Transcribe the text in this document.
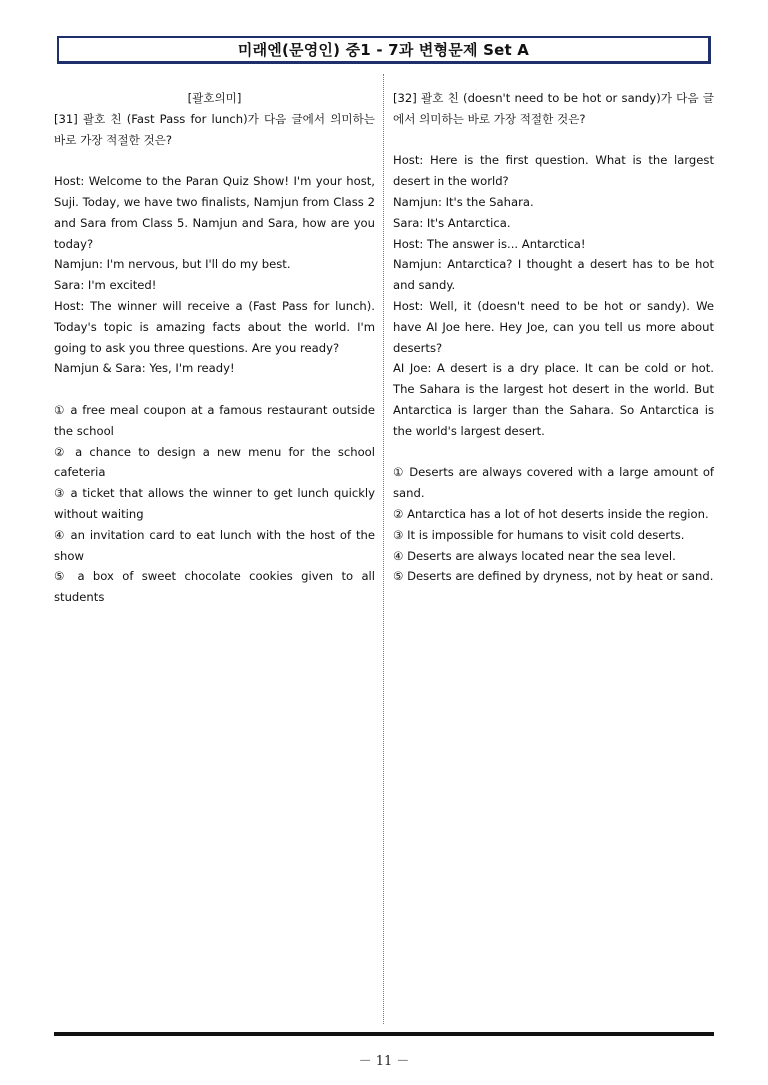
미래엔(문영인) 중1 - 7과 변형문제 Set A

[괄호의미]

[31] 괄호 친 (Fast Pass for lunch)가 다음 글에서 의미하는 바로 가장 적절한 것은?

Host: Welcome to the Paran Quiz Show! I'm your host, Suji. Today, we have two finalists, Namjun from Class 2 and Sara from Class 5. Namjun and Sara, how are you today?

Namjun: I'm nervous, but I'll do my best.

Sara: I'm excited!

Host: The winner will receive a (Fast Pass for lunch). Today's topic is amazing facts about the world. I'm going to ask you three questions. Are you ready?

Namjun & Sara: Yes, I'm ready!

① a free meal coupon at a famous restaurant outside the school

② a chance to design a new menu for the school cafeteria

③ a ticket that allows the winner to get lunch quickly without waiting

④ an invitation card to eat lunch with the host of the show

⑤ a box of sweet chocolate cookies given to all students

[32] 괄호 친 (doesn't need to be hot or sandy)가 다음 글에서 의미하는 바로 가장 적절한 것은?

Host: Here is the first question. What is the largest desert in the world?

Namjun: It's the Sahara.

Sara: It's Antarctica.

Host: The answer is... Antarctica!

Namjun: Antarctica? I thought a desert has to be hot and sandy.

Host: Well, it (doesn't need to be hot or sandy). We have AI Joe here. Hey Joe, can you tell us more about deserts?

AI Joe: A desert is a dry place. It can be cold or hot. The Sahara is the largest hot desert in the world. But Antarctica is larger than the Sahara. So Antarctica is the world's largest desert.

① Deserts are always covered with a large amount of sand.

② Antarctica has a lot of hot deserts inside the region.

③ It is impossible for humans to visit cold deserts.

④ Deserts are always located near the sea level.

⑤ Deserts are defined by dryness, not by heat or sand.

－ 11 －
